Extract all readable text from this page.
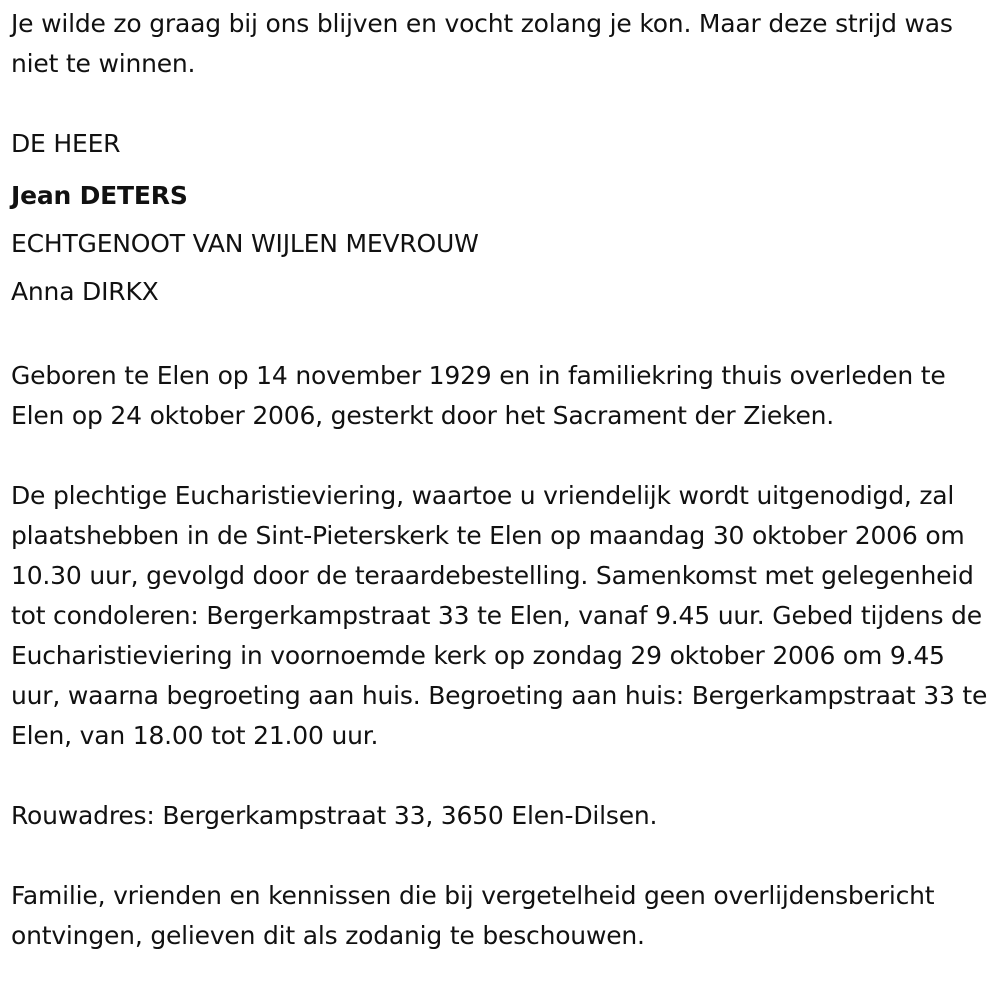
Je wilde zo graag bij ons blijven en vocht zolang je kon. Maar deze strijd was niet te winnen.

DE HEER
Jean DETERS
ECHTGENOOT VAN WIJLEN MEVROUW
Anna DIRKX

Geboren te Elen op 14 november 1929 en in familiekring thuis overleden te Elen op 24 oktober 2006, gesterkt door het Sacrament der Zieken.

De plechtige Eucharistieviering, waartoe u vriendelijk wordt uitgenodigd, zal plaatshebben in de Sint-Pieterskerk te Elen op maandag 30 oktober 2006 om 10.30 uur, gevolgd door de teraardebestelling. Samenkomst met gelegenheid tot condoleren: Bergerkampstraat 33 te Elen, vanaf 9.45 uur. Gebed tijdens de Eucharistieviering in voornoemde kerk op zondag 29 oktober 2006 om 9.45 uur, waarna begroeting aan huis. Begroeting aan huis: Bergerkampstraat 33 te Elen, van 18.00 tot 21.00 uur.

Rouwadres: Bergerkampstraat 33, 3650 Elen-Dilsen.

Familie, vrienden en kennissen die bij vergetelheid geen overlijdensbericht ontvingen, gelieven dit als zodanig te beschouwen.
